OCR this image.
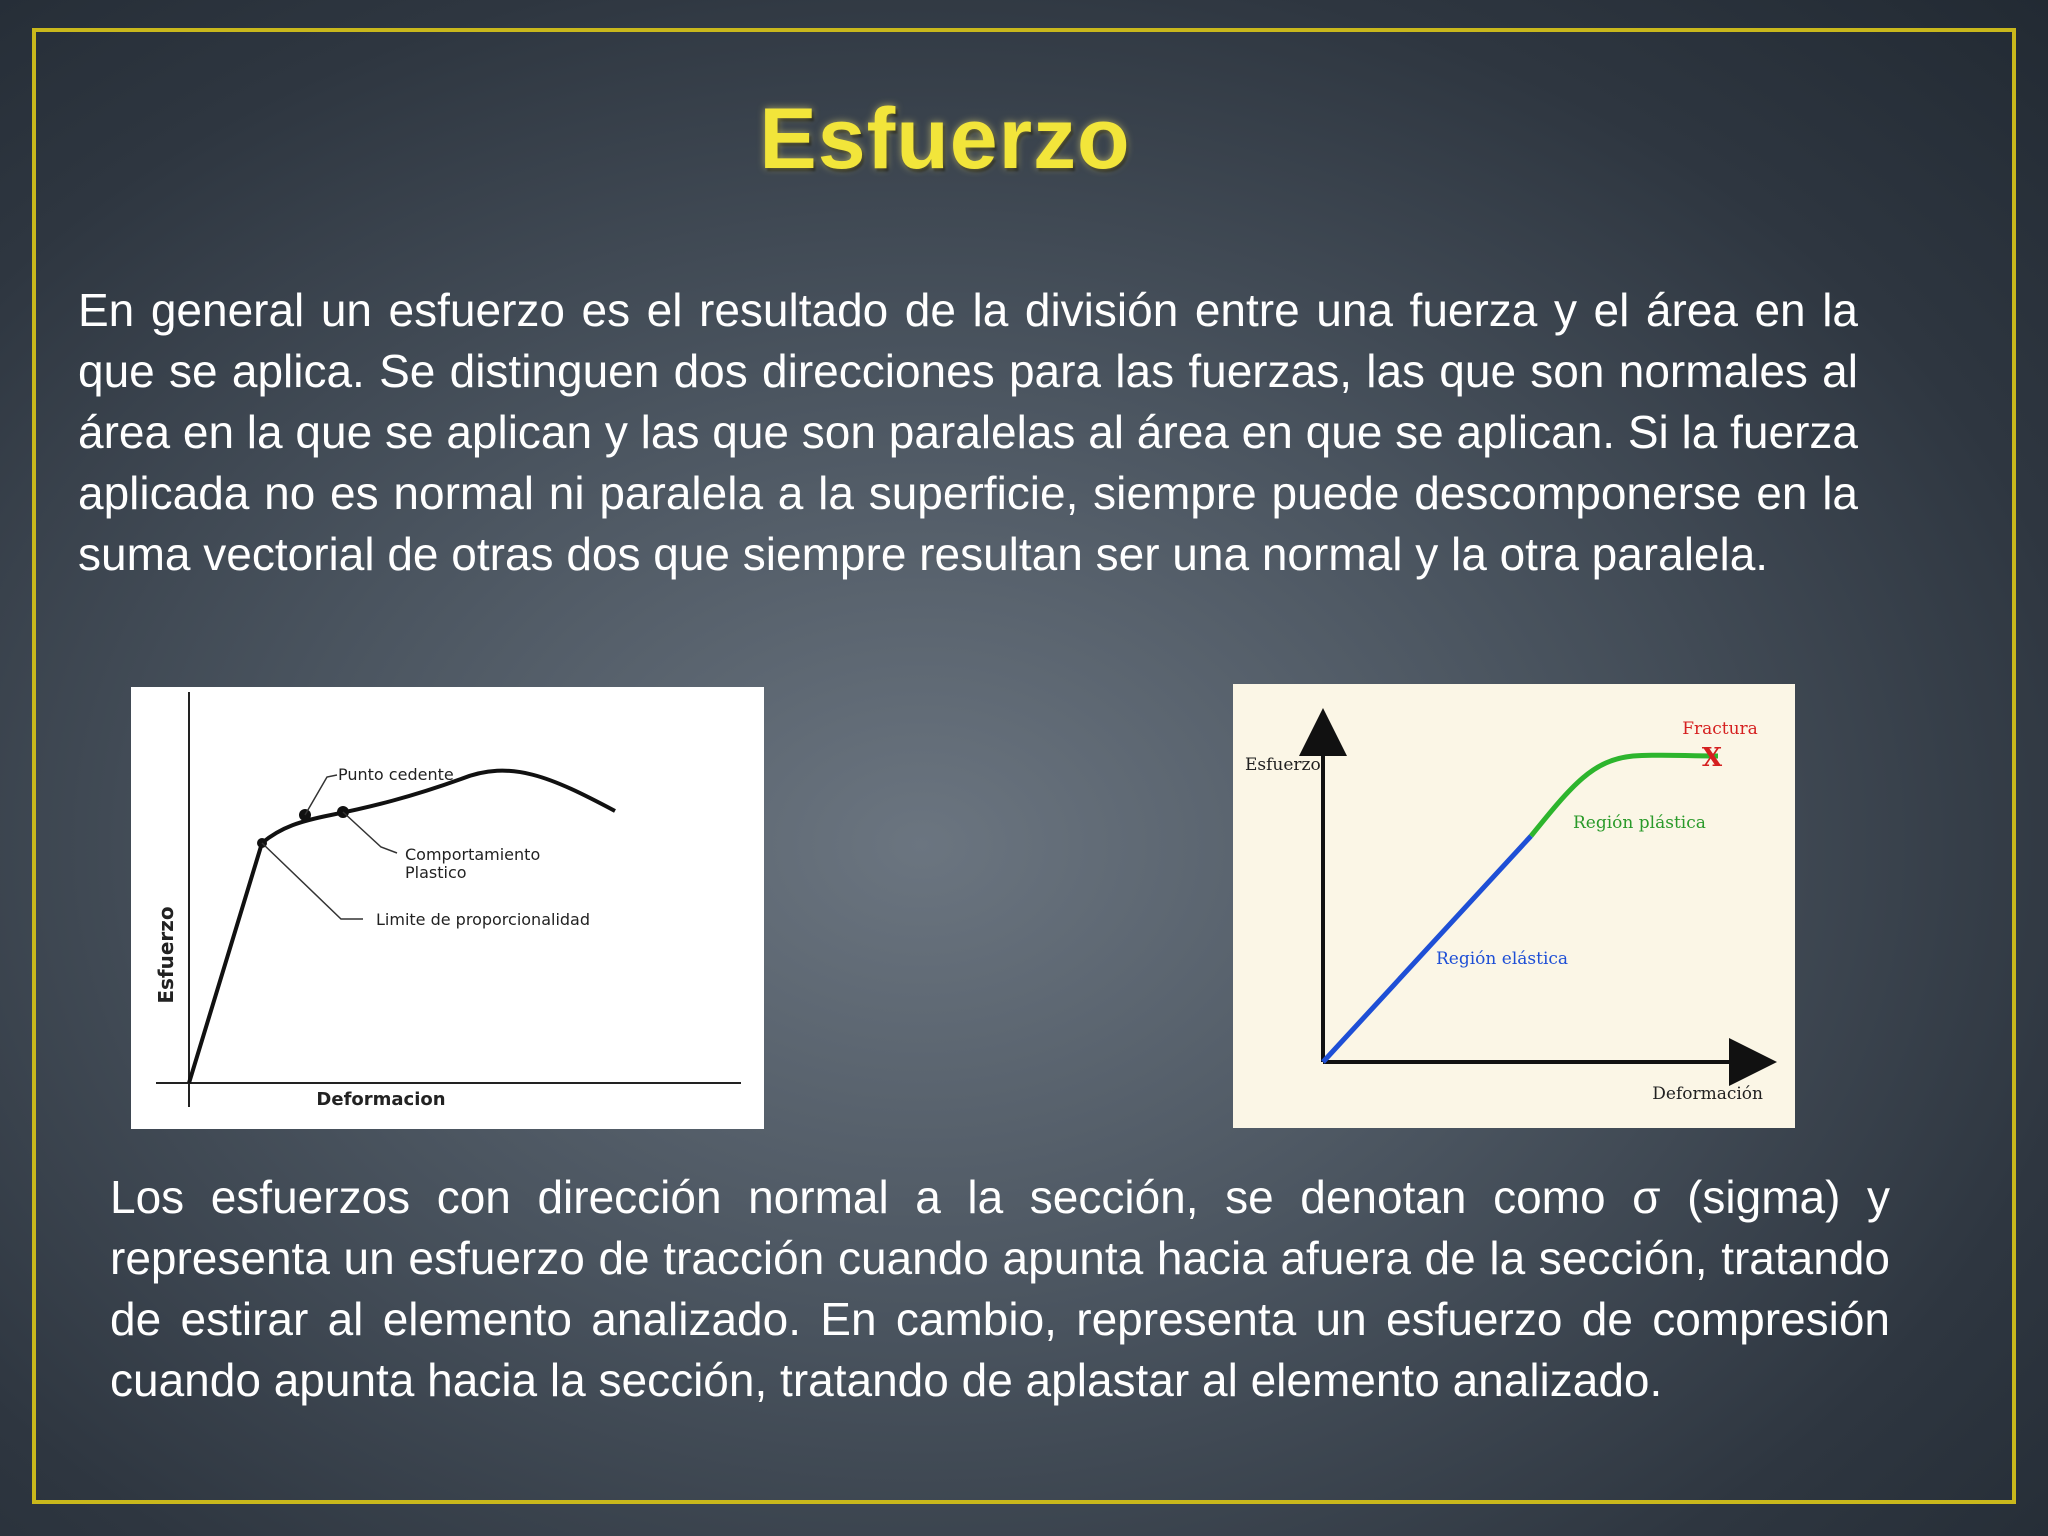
Esfuerzo
En general un esfuerzo es el resultado de la división entre una fuerza y el área en la que se aplica. Se distinguen dos direcciones para las fuerzas, las que son normales al área en la que se aplican y las que son paralelas al área en que se aplican. Si la fuerza aplicada no es normal ni paralela a la superficie, siempre puede descomponerse en la suma vectorial de otras dos que siempre resultan ser una normal y la otra paralela.
Punto cedente
Comportamiento
Plastico
Limite de proporcionalidad
Esfuerzo
Deformacion
X
Fractura
Región plástica
Región elástica
Esfuerzo
Deformación
Los esfuerzos con dirección normal a la sección, se denotan como σ (sigma) y representa un esfuerzo de tracción cuando apunta hacia afuera de la sección, tratando de estirar al elemento analizado. En cambio, representa un esfuerzo de compresión cuando apunta hacia la sección, tratando de aplastar al elemento analizado.
